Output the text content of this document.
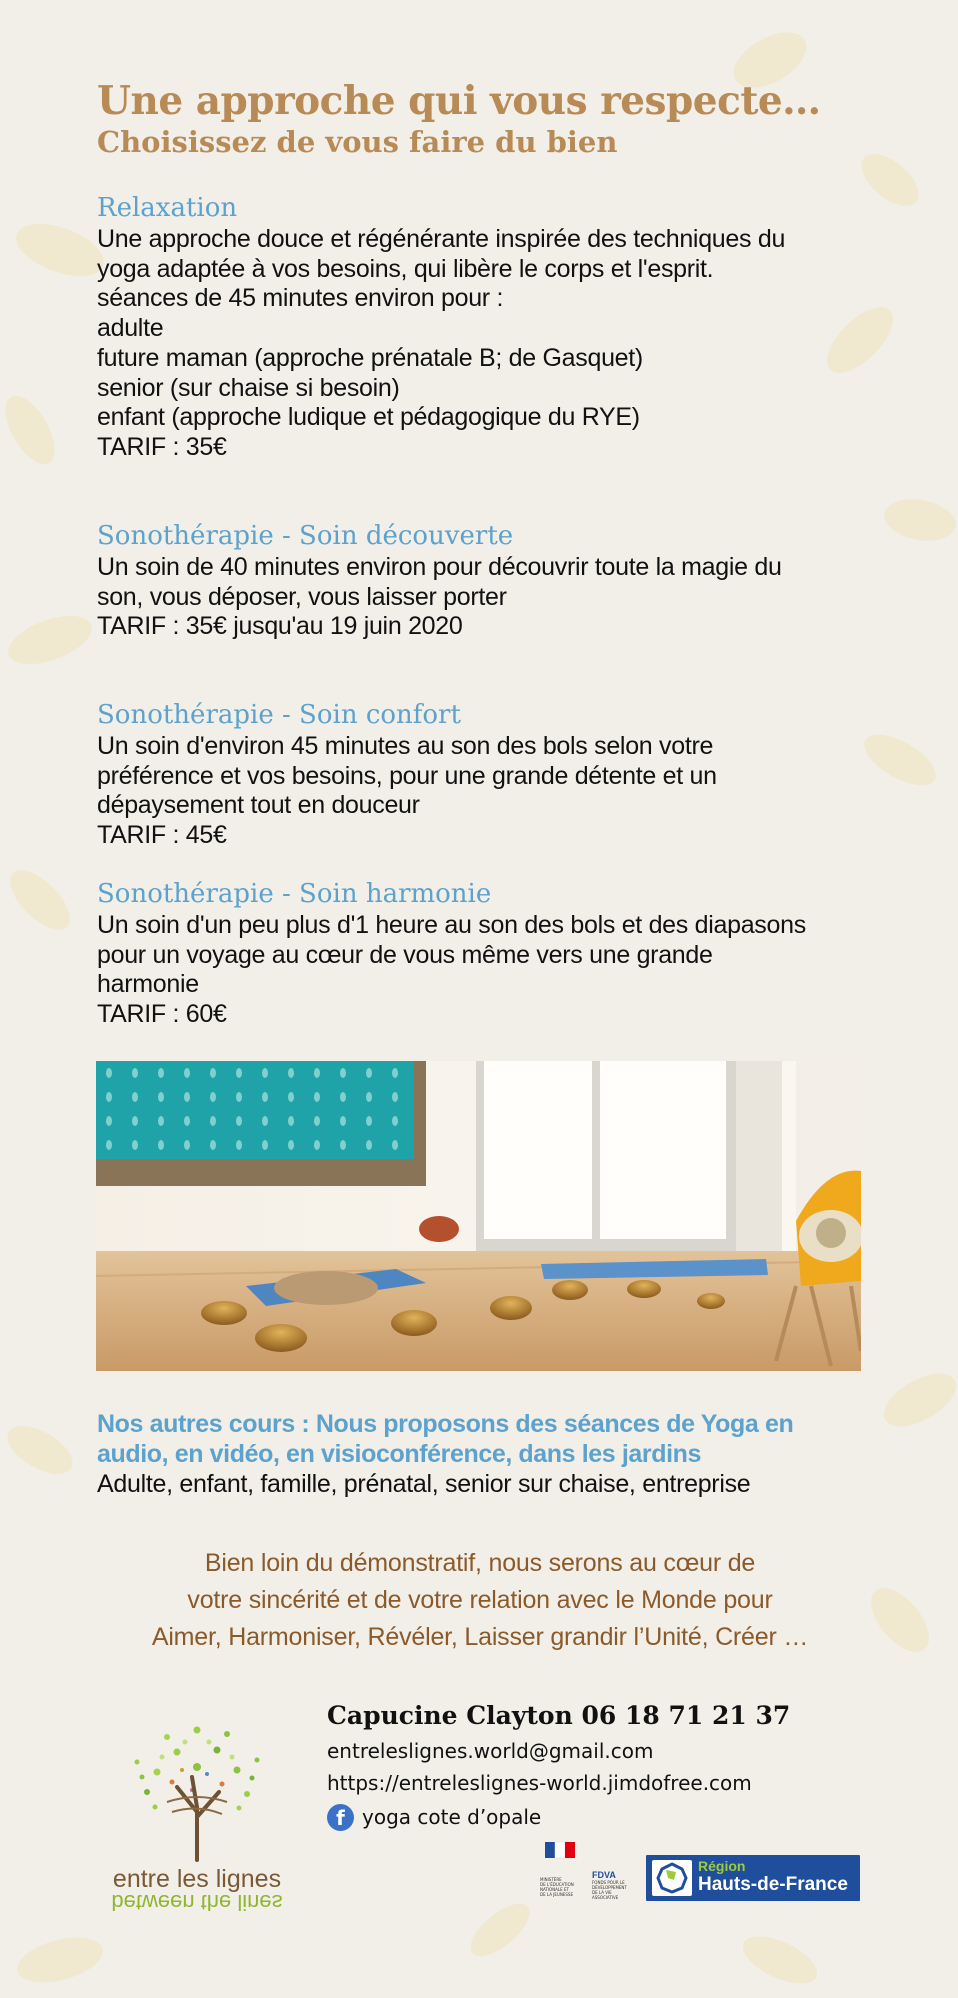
Une approche qui vous respecte…
Choisissez de vous faire du bien
Relaxation
Une approche douce et régénérante inspirée des techniques du
yoga adaptée à vos besoins, qui libère le corps et l'esprit.
séances de 45 minutes environ pour :
adulte
future maman (approche prénatale B; de Gasquet)
senior (sur chaise si besoin)
enfant (approche ludique et pédagogique du RYE)
TARIF : 35€
Sonothérapie - Soin découverte
Un soin de 40 minutes environ pour découvrir toute la magie du
son, vous déposer, vous laisser porter
TARIF : 35€ jusqu'au 19 juin 2020
Sonothérapie - Soin confort
Un soin d'environ 45 minutes au son des bols selon votre
préférence et vos besoins, pour une grande détente et un
dépaysement tout en douceur
TARIF : 45€
Sonothérapie - Soin harmonie
Un soin d'un peu plus d'1 heure au son des bols et des diapasons
pour un voyage au cœur de vous même vers une grande
harmonie
TARIF : 60€
Nos autres cours : Nous proposons des séances de Yoga en
audio, en vidéo, en visioconférence, dans les jardins
Adulte, enfant, famille, prénatal, senior sur chaise, entreprise
Bien loin du démonstratif, nous serons au cœur de
votre sincérité et de votre relation avec le Monde pour
Aimer, Harmoniser, Révéler, Laisser grandir l’Unité, Créer …
entre les lignes
between the lines
Capucine Clayton 06 18 71 21 37
entreleslignes.world@gmail.com
https://entreleslignes-world.jimdofree.com
f yoga cote d’opale
MINISTÈRE
DE L'ÉDUCATION
NATIONALE ET
DE LA JEUNESSE
FDVA
FONDS POUR LE
DÉVELOPPEMENT
DE LA VIE
ASSOCIATIVE
Région
Hauts-de-France
